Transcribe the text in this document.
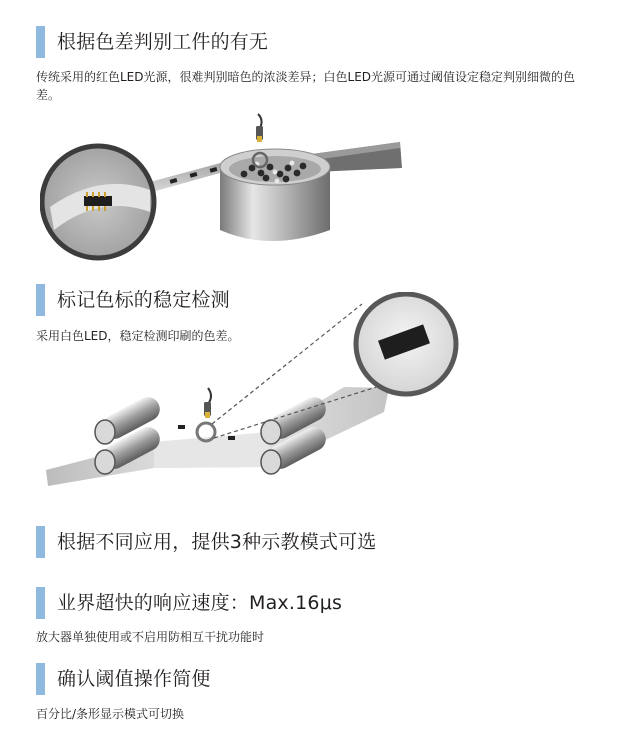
根据色差判别工件的有无
传统采用的红色LED光源，很难判别暗色的浓淡差异；白色LED光源可通过阈值设定稳定判别细微的色差。
标记色标的稳定检测
采用白色LED，稳定检测印刷的色差。
根据不同应用，提供3种示教模式可选
业界超快的响应速度：Max.16μs
放大器单独使用或不启用防相互干扰功能时
确认阈值操作简便
百分比/条形显示模式可切换
